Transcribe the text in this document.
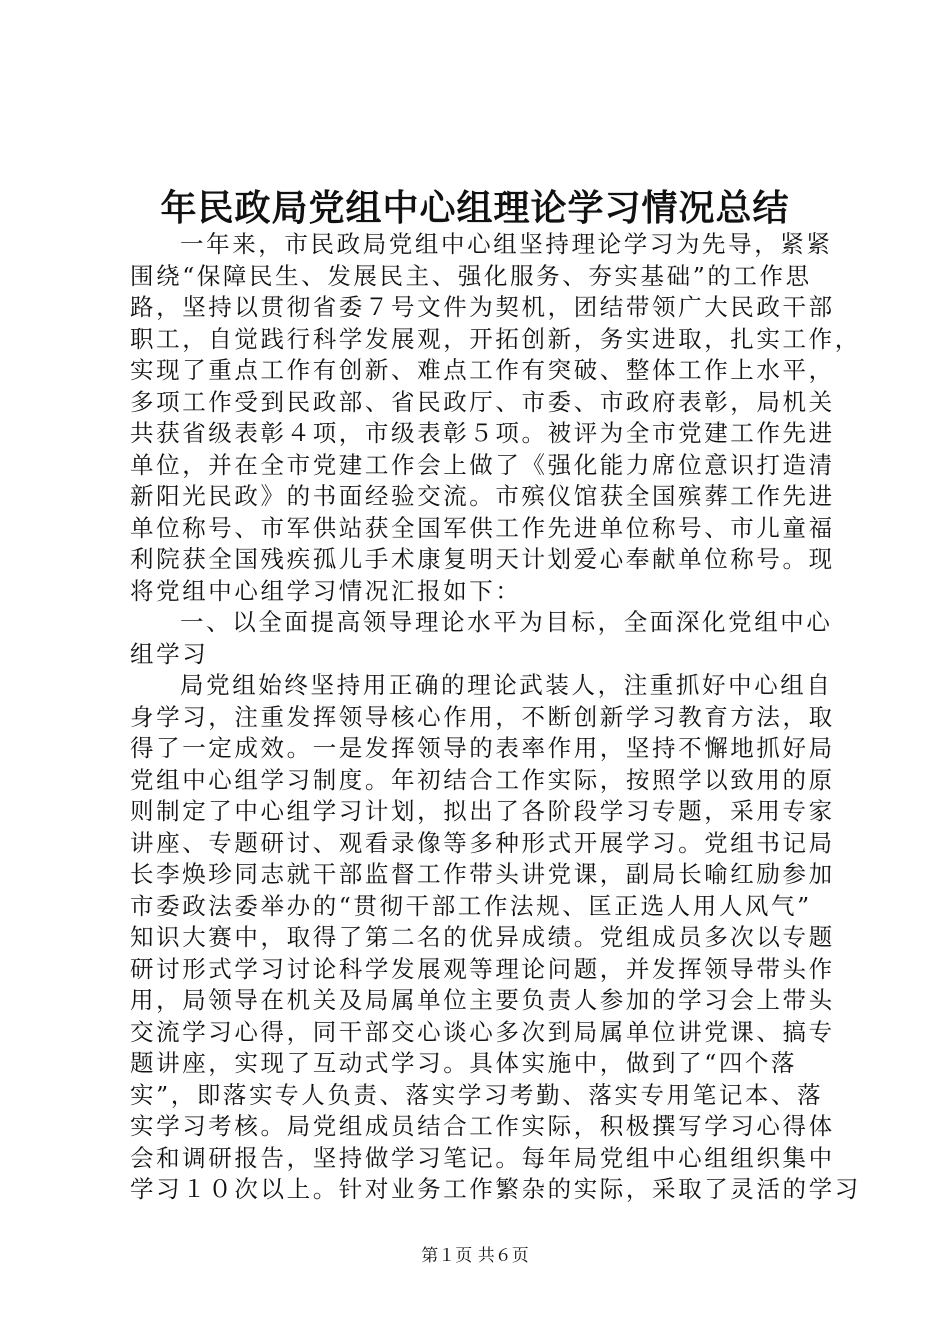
年民政局党组中心组理论学习情况总结
一年来，市民政局党组中心组坚持理论学习为先导，紧紧
围绕“保障民生、发展民主、强化服务、夯实基础”的工作思
路，坚持以贯彻省委７号文件为契机，团结带领广大民政干部
职工，自觉践行科学发展观，开拓创新，务实进取，扎实工作，
实现了重点工作有创新、难点工作有突破、整体工作上水平，
多项工作受到民政部、省民政厅、市委、市政府表彰，局机关
共获省级表彰４项，市级表彰５项。被评为全市党建工作先进
单位，并在全市党建工作会上做了《强化能力席位意识打造清
新阳光民政》的书面经验交流。市殡仪馆获全国殡葬工作先进
单位称号、市军供站获全国军供工作先进单位称号、市儿童福
利院获全国残疾孤儿手术康复明天计划爱心奉献单位称号。现
将党组中心组学习情况汇报如下：
一、以全面提高领导理论水平为目标，全面深化党组中心
组学习
局党组始终坚持用正确的理论武装人，注重抓好中心组自
身学习，注重发挥领导核心作用，不断创新学习教育方法，取
得了一定成效。一是发挥领导的表率作用，坚持不懈地抓好局
党组中心组学习制度。年初结合工作实际，按照学以致用的原
则制定了中心组学习计划，拟出了各阶段学习专题，采用专家
讲座、专题研讨、观看录像等多种形式开展学习。党组书记局
长李焕珍同志就干部监督工作带头讲党课，副局长喻红励参加
市委政法委举办的“贯彻干部工作法规、匡正选人用人风气”
知识大赛中，取得了第二名的优异成绩。党组成员多次以专题
研讨形式学习讨论科学发展观等理论问题，并发挥领导带头作
用，局领导在机关及局属单位主要负责人参加的学习会上带头
交流学习心得，同干部交心谈心多次到局属单位讲党课、搞专
题讲座，实现了互动式学习。具体实施中，做到了“四个落
实”，即落实专人负责、落实学习考勤、落实专用笔记本、落
实学习考核。局党组成员结合工作实际，积极撰写学习心得体
会和调研报告，坚持做学习笔记。每年局党组中心组组织集中
学习１０次以上。针对业务工作繁杂的实际，采取了灵活的学习
第１页 共６页
